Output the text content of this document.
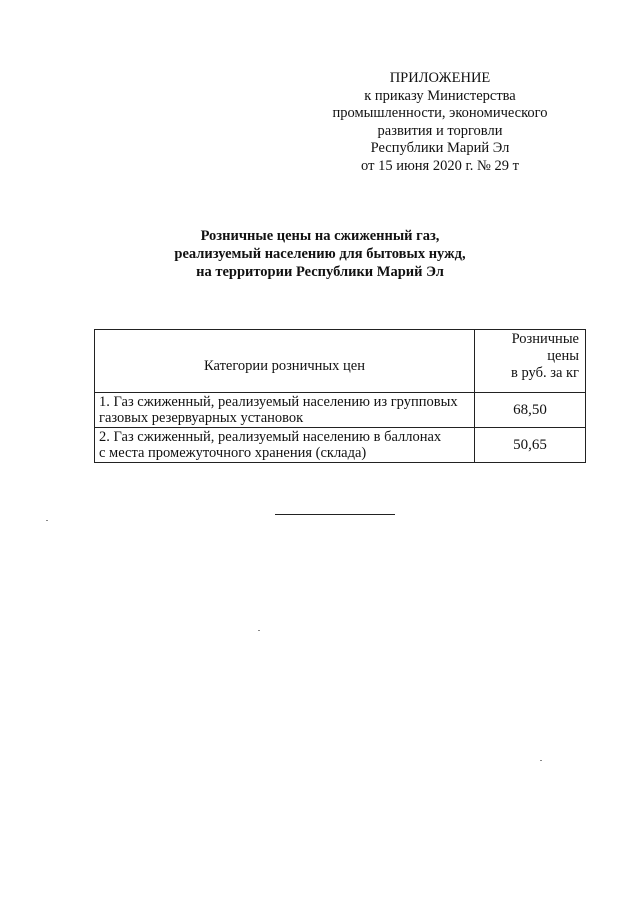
ПРИЛОЖЕНИЕ
к приказу Министерства
промышленности, экономического
развития и торговли
Республики Марий Эл
от 15 июня 2020 г. № 29 т
Розничные цены на сжиженный газ,
реализуемый населению для бытовых нужд,
на территории Республики Марий Эл
Категории розничных цен	Розничные
цены
в руб. за кг

1. Газ сжиженный, реализуемый населению из групповых
газовых резервуарных установок	68,50

2. Газ сжиженный, реализуемый населению в баллонах
с места промежуточного хранения (склада)	50,65
